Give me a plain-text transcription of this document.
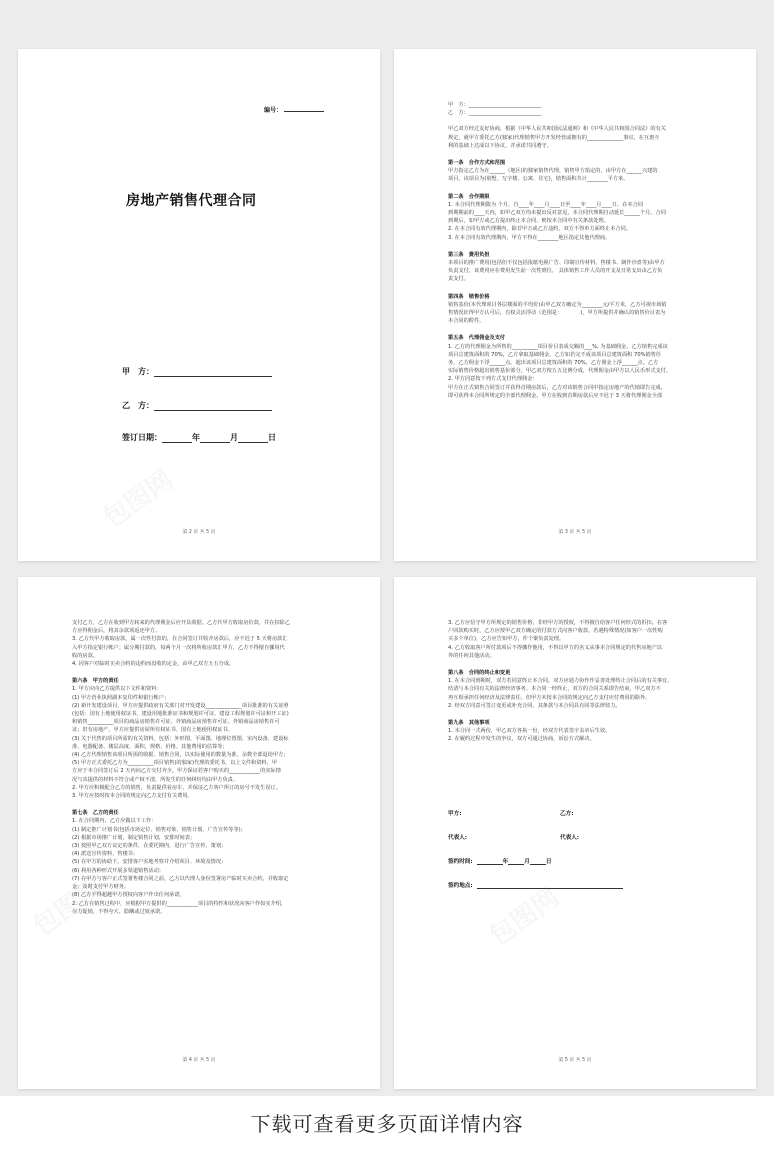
编号：
房地产销售代理合同
甲　方：
乙　方：
签订日期：	年	月	日
第 2 页 共 5 页
甲　方：____________________________
乙　方：____________________________
甲乙双方经过友好协商，根据《中华人民共和国民法通则》和《中华人民共和国合同法》的有关
规定，就甲方委托乙方(独家)代理销售甲方开发经营或拥有的______________事宜，在互惠互
利的基础上达成以下协议，并承诺共同遵守。
第一条　合作方式和范围
甲方指定乙方为在______（地区)的独家销售代理，销售甲方指定的，由甲方在______兴建的
项目，该项目为(别墅、写字楼、公寓、住宅)，销售面积共计________平方米。
第二条　合作期限
1. 本合同代理期限为 个月，自____年____月____日至____年____月____日。在本合同
到期期前的____天内，如甲乙双方均未提出反对意见，本合同代理期自动延长______个月。合同
到期后，如甲方或乙方提出终止本合同，则按本合同中有关条款处理。
2. 在本合同有效代理期内，除非甲方或乙方违约，双方不得单方面终止本合同。
3. 在本合同有效代理期内，甲方不得在________地区指定其他代理商。
第三条　费用负担
本项目的推广费用(包括但不仅包括报纸电视广告、印制宣传材料、售楼书、制作沙盘等)由甲方
负责支付。该费用应在费用发生前一次性到位。 具体销售工作人员的开支及日常支出由乙方负
责支付。
第四条　销售价格
销售基价(本代理项目各层楼面的平均价)由甲乙双方确定为________元/平方米，乙方可视市场销
售情况征得甲方认可后，有权灵活浮动（范围是：　　　　)，甲方所提供并确认的销售价目表为
本合同的附件。
第五条　代理佣金及支付
1. 乙方的代理佣金为所售的__________项目价目表成交额的___%, 为基础佣金。乙方销售完成该
项目总建筑面积的 70%，乙方拿取基础佣金。乙方如若完不成该项目总建筑面积 70%销售任
务，乙方佣金下浮______点。超出该项目总建筑面积的 70%，乙方佣金上浮______点。乙方
实际销售价格超出销售基价部分，甲乙双方按五五比例分成，代理佣金由甲方以人民币形式支付。
2. 甲方同意按下列方式支付代理佣金：
甲方在正式销售合同签订并获得首期房款后，乙方对该销售合同中指定房地产的代销即告完成，
即可获得本合同所规定的全部代理佣金。甲方在收到首期房款后应不迟于 3 天将代理佣金全部
第 3 页 共 5 页
支付乙方，乙方在收到甲方转来的代理佣金后应开具收据。乙方代甲方收取房价款，并在扣除乙
方应得佣金后，将其余款项返还甲方。
3. 乙方代甲方收取房款，属一次性付款的，在合同签订并收齐房款后，应不迟于 5 天将房款汇
入甲方指定银行帐户；属分期付款的，每两个月一次将所收房款汇甲方，乙方不得擅自挪用代
收的房款。
4. 因客户对临时买卖合约的违约而没收的定金，由甲乙双方五五分成。
第六条　甲方的责任
1. 甲方应向乙方提供以下文件和资料：
(1) 甲方营业执照副本复印件和银行帐户；
(2) 新开发建设项目，甲方应提供政府有关部门对开发建设______________项目批准的有关证照
(包括：国有土地使用权证书、建设用地批准证书和规划许可证、建设工程规划许可证和开工证)
和销售__________项目的商品房销售许可证、外销商品房预售许可证、外销商品房销售许可
证；旧有房地产，甲方应提供房屋所有权证书、国有土地使用权证书。
(3) 关于代售的项目所需的有关资料，包括：外形图、平面图、地理位置图、室内设备、建设标
准、电器配备、楼层高度、面积、规格、价格、其他费用的估算等；
(4) 乙方代理销售该项目所需的收据、销售合同，以实际使用的数量为准，余数全部退给甲方；
(5) 甲方正式委托乙方为__________项目销售(的独家)代理的委托书，以上文件和资料，甲
方应于本合同签订后 2 天内向乙方交付齐全。甲方保证若客户购买的____________的实际情
况与其提供的材料不符合或产权不清，所发生的任何纠纷均由甲方负责。
2. 甲方应积极配合乙方的销售，负责提供看房车，并保证乙方客户所订的房号不发生误订。
3. 甲方应按时按本合同的规定向乙方支付有关费用。
第七条　乙方的责任
1. 在合同期内，乙方应做以下工作：
(1) 制定推广计划书(包括市场定位、销售对象、销售计划、广告宣传等等)；
(2) 根据市场推广计划，制定销售计划，安排时间表；
(3) 按照甲乙双方议定的条件，在委托期内，进行广告宣传、策划；
(4) 派送宣传资料、售楼书；
(5) 在甲方的协助下，安排客户实地考察并介绍项目、环境及情况；
(6) 利用各种形式开展多渠道销售活动；
(7) 在甲方与客户正式签署售楼合同之前，乙方以代理人身份签署房产临时买卖合约，并收取定
金；及时支付甲方财务。
(8) 乙方不得超越甲方授权向客户作出任何承诺。
2. 乙方在销售过程中，应根据甲方提供的____________项目的特性和状况向客户作如实介绍，
尽力促销，不得夸大、隐瞒或过度承诺。
第 4 页 共 5 页
3. 乙方应信守甲方所规定的销售价格，非经甲方的授权，不得擅自给客户任何形式的折扣。在客
户回款购买时，乙方应按甲乙双方确定的付款方式向客户收款。若遇特殊情况(如客户一次性购
买多个单位)，乙方应告知甲方，作个案负责处理。
4. 乙方收取客户所付款项后不得挪作他用，不得以甲方的名义从事本合同规定的代售房地产以
外的任何其他活动。
第八条　合同的终止和变更
1. 在本合同到期时，双方若同意终止本合同，双方应通力协作作妥善处理终止合同后的有关事宜，
结清与本合同有关的法律经济事务。本合同一经终止，双方的合同关系即告结束，甲乙双方不
再互相承担任何经济及法律责任。但甲方未按本合同的规定向乙方支付应付费用的除外。
2. 经双方同意可签订变更或补充合同，其条款与本合同具有同等法律效力。
第九条　其他事项
1. 本合同一式两份，甲乙双方各执一份，经双方代表签字盖章后生效。
2. 在履约过程中发生的争议，双方可通过协商、诉讼方式解决。
甲方:	乙方:
代表人:	代表人:
签约时间:	年	月	日
签约地点:
第 5 页 共 5 页
下载可查看更多页面详情内容
